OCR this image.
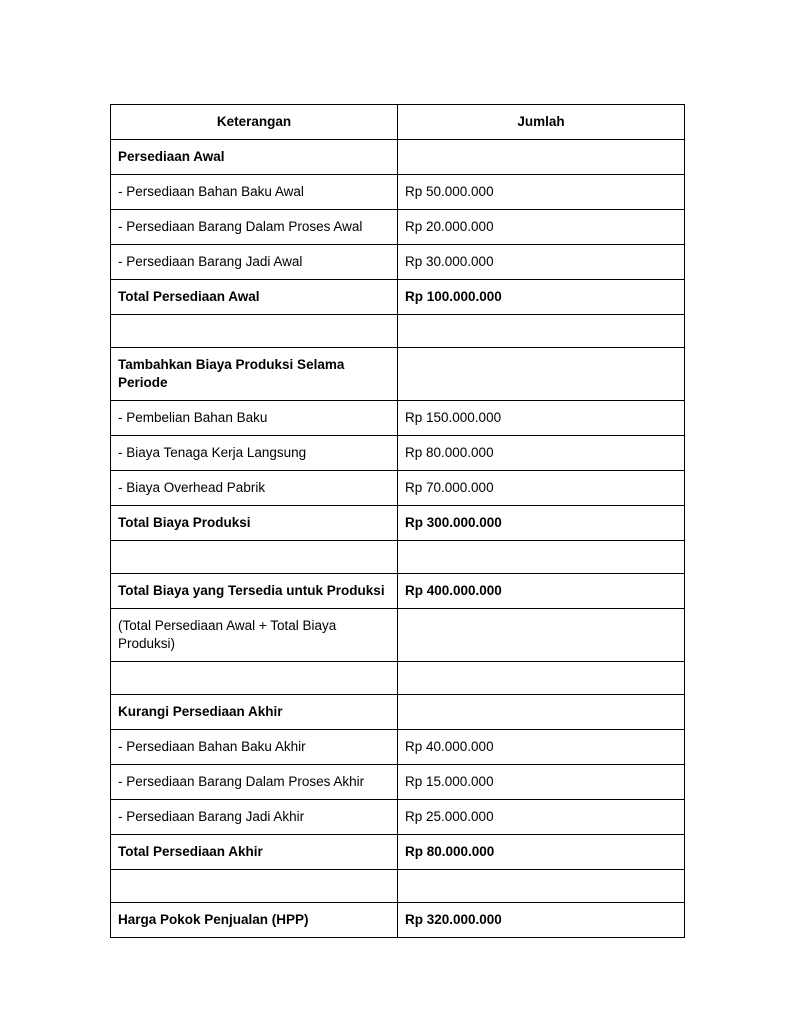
Keterangan	Jumlah
Persediaan Awal	
- Persediaan Bahan Baku Awal	Rp 50.000.000
- Persediaan Barang Dalam Proses Awal	Rp 20.000.000
- Persediaan Barang Jadi Awal	Rp 30.000.000
Total Persediaan Awal	Rp 100.000.000

Tambahkan Biaya Produksi Selama Periode	
- Pembelian Bahan Baku	Rp 150.000.000
- Biaya Tenaga Kerja Langsung	Rp 80.000.000
- Biaya Overhead Pabrik	Rp 70.000.000
Total Biaya Produksi	Rp 300.000.000

Total Biaya yang Tersedia untuk Produksi	Rp 400.000.000
(Total Persediaan Awal + Total Biaya Produksi)	

Kurangi Persediaan Akhir	
- Persediaan Bahan Baku Akhir	Rp 40.000.000
- Persediaan Barang Dalam Proses Akhir	Rp 15.000.000
- Persediaan Barang Jadi Akhir	Rp 25.000.000
Total Persediaan Akhir	Rp 80.000.000

Harga Pokok Penjualan (HPP)	Rp 320.000.000
